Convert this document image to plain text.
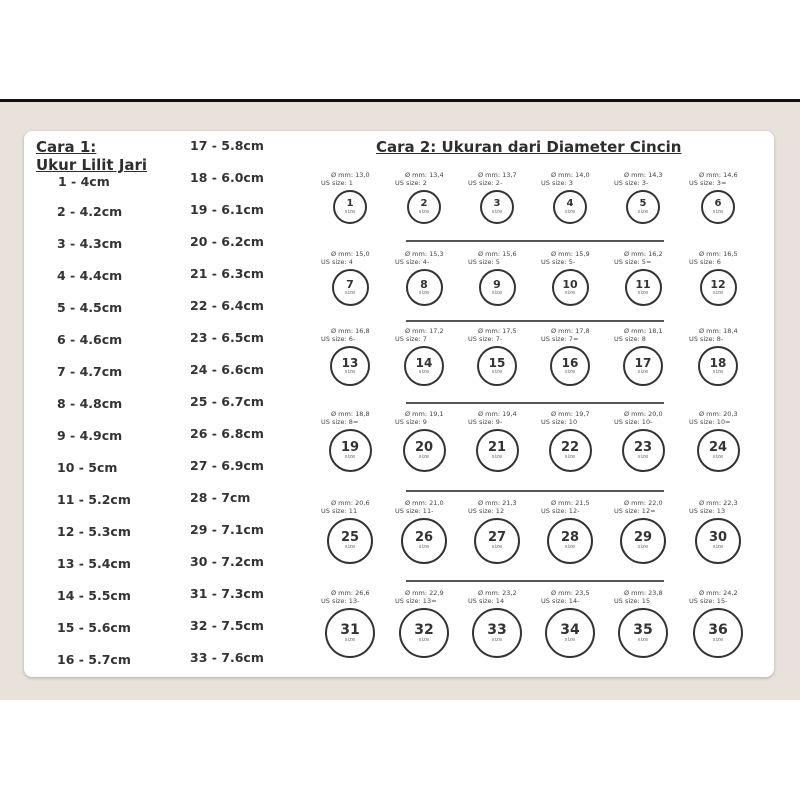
Cara 1:
Ukur Lilit Jari
1 - 4cm
2 - 4.2cm
3 - 4.3cm
4 - 4.4cm
5 - 4.5cm
6 - 4.6cm
7 - 4.7cm
8 - 4.8cm
9 - 4.9cm
10 - 5cm
11 - 5.2cm
12 - 5.3cm
13 - 5.4cm
14 - 5.5cm
15 - 5.6cm
16 - 5.7cm
17 - 5.8cm
18 - 6.0cm
19 - 6.1cm
20 - 6.2cm
21 - 6.3cm
22 - 6.4cm
23 - 6.5cm
24 - 6.6cm
25 - 6.7cm
26 - 6.8cm
27 - 6.9cm
28 - 7cm
29 - 7.1cm
30 - 7.2cm
31 - 7.3cm
32 - 7.5cm
33 - 7.6cm
Cara 2: Ukuran dari Diameter Cincin
Ø mm: 13,0
US size: 1
1
size
Ø mm: 13,4
US size: 2
2
size
Ø mm: 13,7
US size: 2-
3
size
Ø mm: 14,0
US size: 3
4
size
Ø mm: 14,3
US size: 3-
5
size
Ø mm: 14,6
US size: 3=
6
size
Ø mm: 15,0
US size: 4
7
size
Ø mm: 15,3
US size: 4-
8
size
Ø mm: 15,6
US size: 5
9
size
Ø mm: 15,9
US size: 5-
10
size
Ø mm: 16,2
US size: 5=
11
size
Ø mm: 16,5
US size: 6
12
size
Ø mm: 16,8
US size: 6-
13
size
Ø mm: 17,2
US size: 7
14
size
Ø mm: 17,5
US size: 7-
15
size
Ø mm: 17,8
US size: 7=
16
size
Ø mm: 18,1
US size: 8
17
size
Ø mm: 18,4
US size: 8-
18
size
Ø mm: 18,8
US size: 8=
19
size
Ø mm: 19,1
US size: 9
20
size
Ø mm: 19,4
US size: 9-
21
size
Ø mm: 19,7
US size: 10
22
size
Ø mm: 20,0
US size: 10-
23
size
Ø mm: 20,3
US size: 10=
24
size
Ø mm: 20,6
US size: 11
25
size
Ø mm: 21,0
US size: 11-
26
size
Ø mm: 21,3
US size: 12
27
size
Ø mm: 21,5
US size: 12-
28
size
Ø mm: 22,0
US size: 12=
29
size
Ø mm: 22,3
US size: 13
30
size
Ø mm: 26,6
US size: 13-
31
size
Ø mm: 22,9
US size: 13=
32
size
Ø mm: 23,2
US size: 14
33
size
Ø mm: 23,5
US size: 14-
34
size
Ø mm: 23,8
US size: 15
35
size
Ø mm: 24,2
US size: 15-
36
size
